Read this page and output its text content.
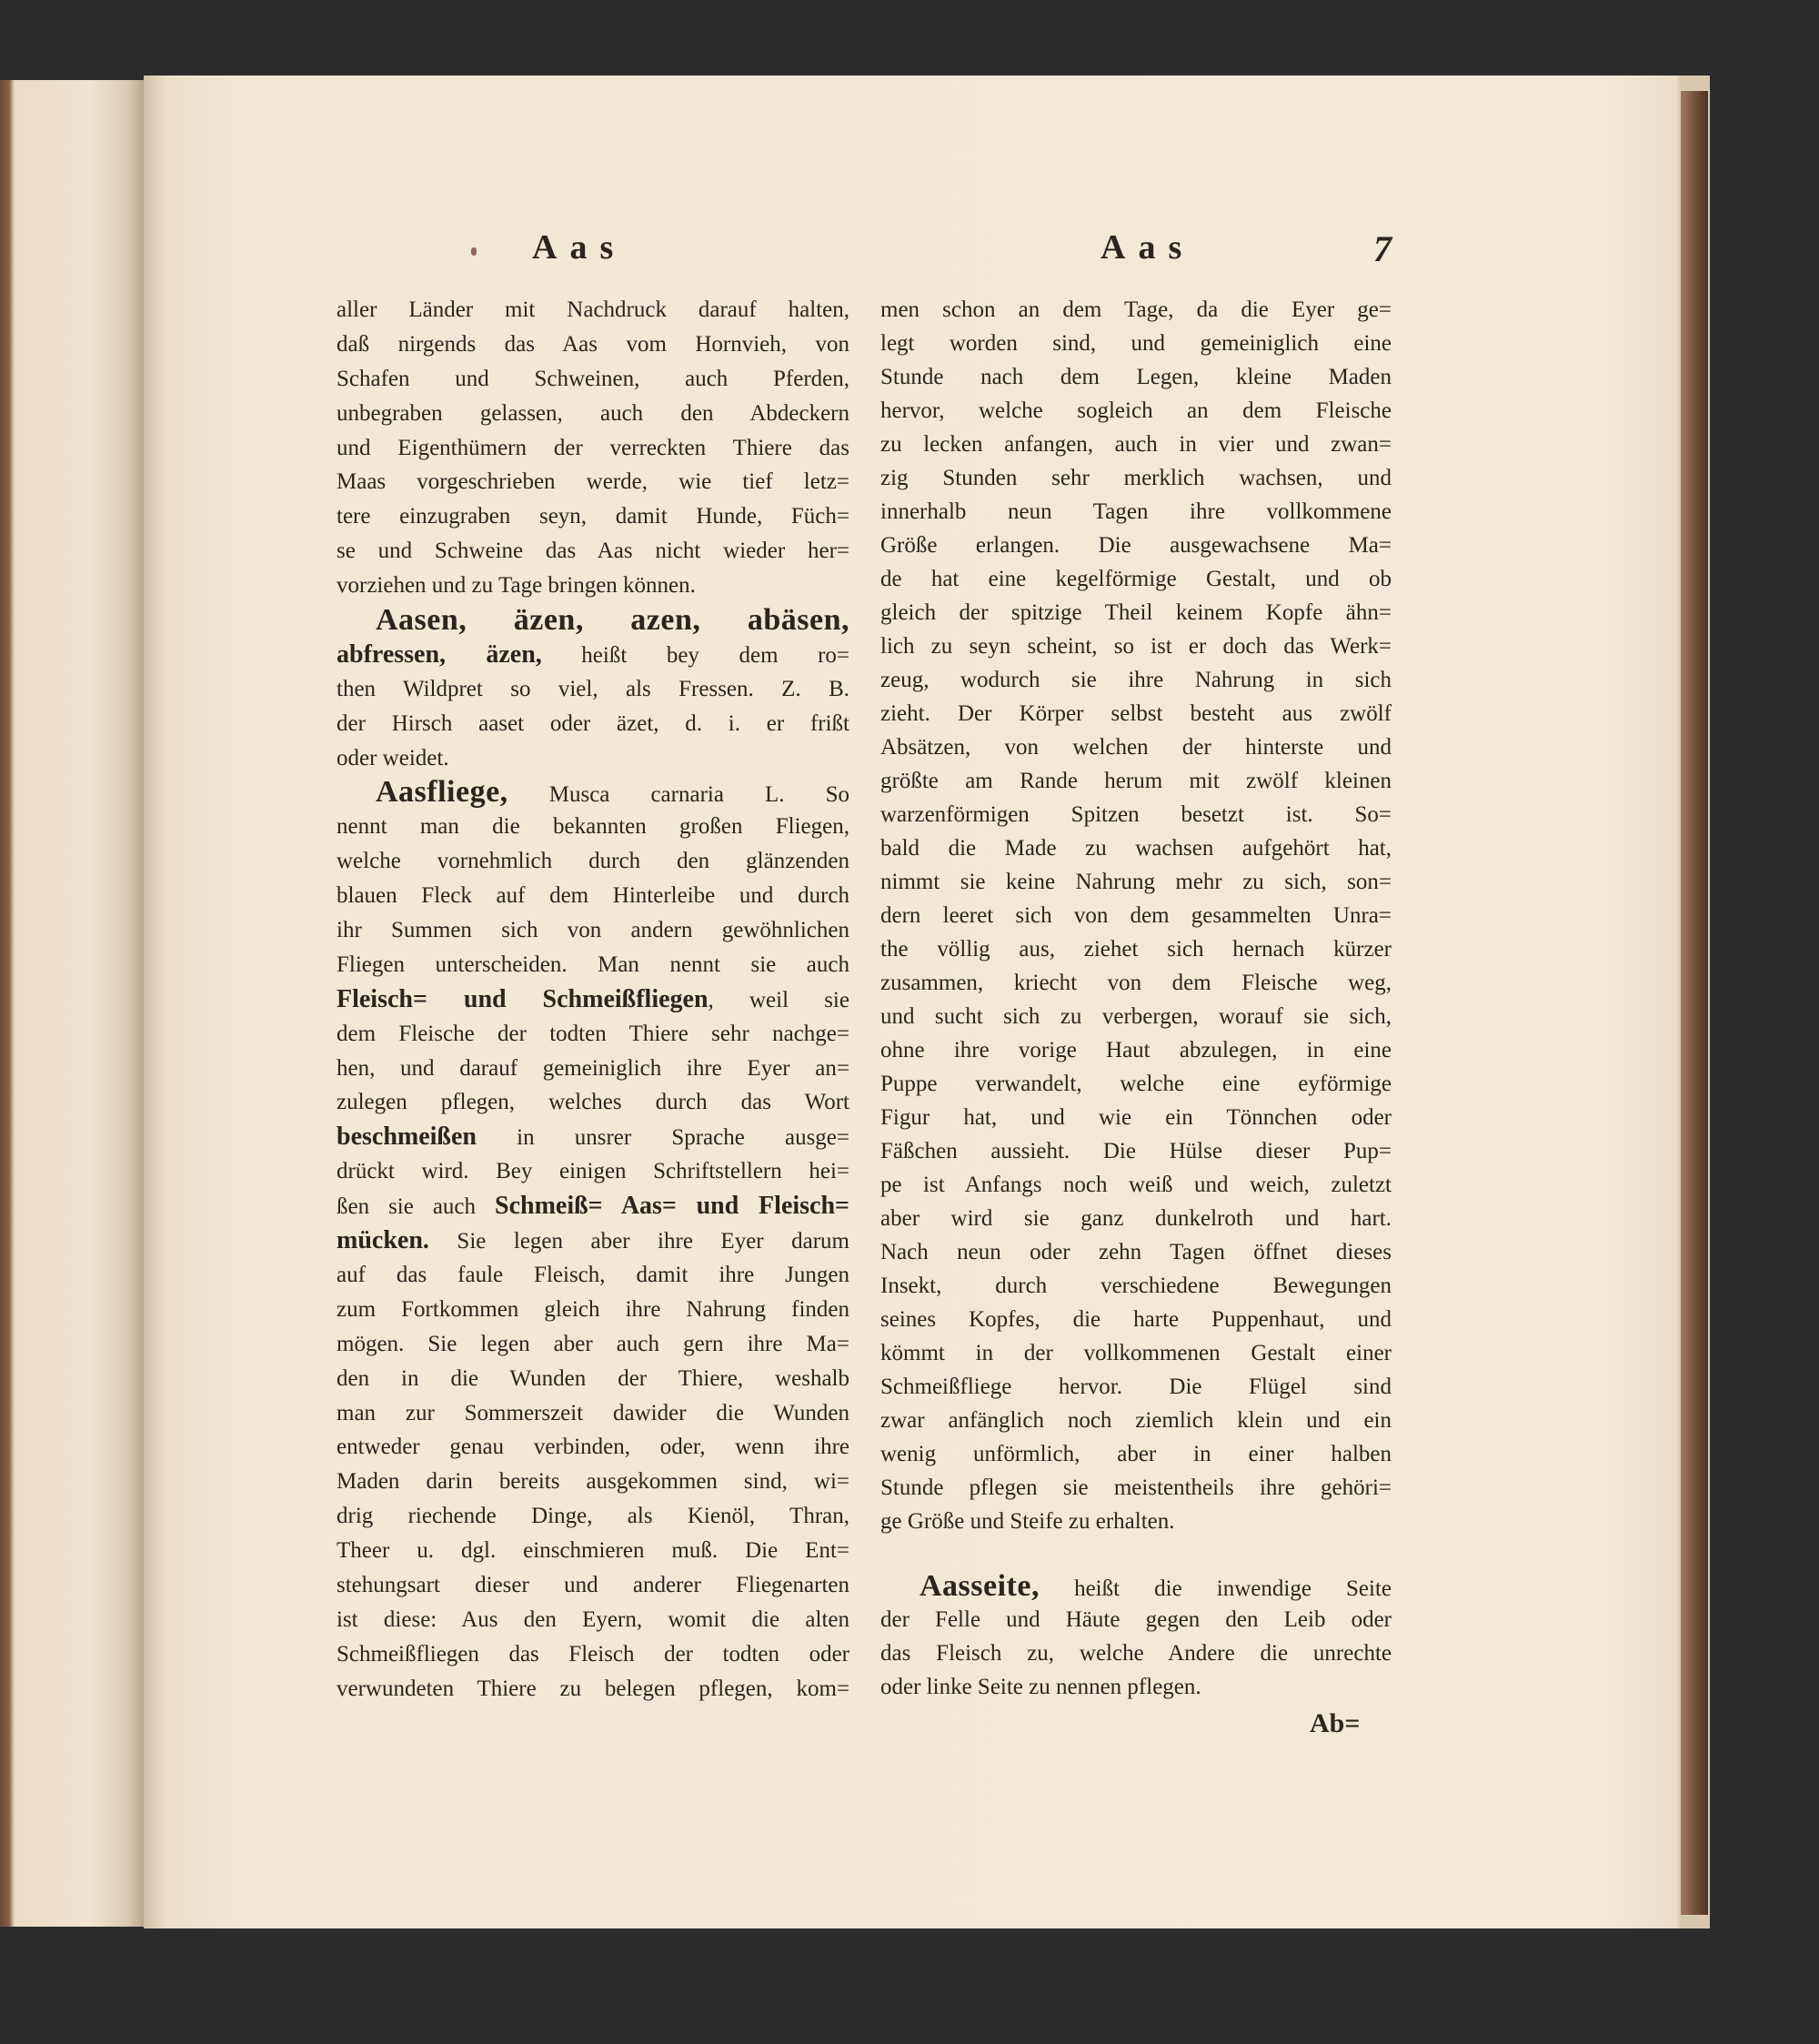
Aas	Aas	7
aller Länder mit Nachdruck darauf halten,
daß nirgends das Aas vom Hornvieh, von
Schafen und Schweinen, auch Pferden,
unbegraben gelassen, auch den Abdeckern
und Eigenthümern der verreckten Thiere das
Maas vorgeschrieben werde, wie tief letz=
tere einzugraben seyn, damit Hunde, Füch=
se und Schweine das Aas nicht wieder her=
vorziehen und zu Tage bringen können.
Aasen, äzen, azen, abäsen,
abfressen, äzen, heißt bey dem ro=
then Wildpret so viel, als Fressen. Z. B.
der Hirsch aaset oder äzet, d. i. er frißt
oder weidet.
Aasfliege, Musca carnaria L. So
nennt man die bekannten großen Fliegen,
welche vornehmlich durch den glänzenden
blauen Fleck auf dem Hinterleibe und durch
ihr Summen sich von andern gewöhnlichen
Fliegen unterscheiden. Man nennt sie auch
Fleisch= und Schmeißfliegen, weil sie
dem Fleische der todten Thiere sehr nachge=
hen, und darauf gemeiniglich ihre Eyer an=
zulegen pflegen, welches durch das Wort
beschmeißen in unsrer Sprache ausge=
drückt wird. Bey einigen Schriftstellern hei=
ßen sie auch Schmeiß= Aas= und Fleisch=
mücken. Sie legen aber ihre Eyer darum
auf das faule Fleisch, damit ihre Jungen
zum Fortkommen gleich ihre Nahrung finden
mögen. Sie legen aber auch gern ihre Ma=
den in die Wunden der Thiere, weshalb
man zur Sommerszeit dawider die Wunden
entweder genau verbinden, oder, wenn ihre
Maden darin bereits ausgekommen sind, wi=
drig riechende Dinge, als Kienöl, Thran,
Theer u. dgl. einschmieren muß. Die Ent=
stehungsart dieser und anderer Fliegenarten
ist diese: Aus den Eyern, womit die alten
Schmeißfliegen das Fleisch der todten oder
verwundeten Thiere zu belegen pflegen, kom=
men schon an dem Tage, da die Eyer ge=
legt worden sind, und gemeiniglich eine
Stunde nach dem Legen, kleine Maden
hervor, welche sogleich an dem Fleische
zu lecken anfangen, auch in vier und zwan=
zig Stunden sehr merklich wachsen, und
innerhalb neun Tagen ihre vollkommene
Größe erlangen. Die ausgewachsene Ma=
de hat eine kegelförmige Gestalt, und ob
gleich der spitzige Theil keinem Kopfe ähn=
lich zu seyn scheint, so ist er doch das Werk=
zeug, wodurch sie ihre Nahrung in sich
zieht. Der Körper selbst besteht aus zwölf
Absätzen, von welchen der hinterste und
größte am Rande herum mit zwölf kleinen
warzenförmigen Spitzen besetzt ist. So=
bald die Made zu wachsen aufgehört hat,
nimmt sie keine Nahrung mehr zu sich, son=
dern leeret sich von dem gesammelten Unra=
the völlig aus, ziehet sich hernach kürzer
zusammen, kriecht von dem Fleische weg,
und sucht sich zu verbergen, worauf sie sich,
ohne ihre vorige Haut abzulegen, in eine
Puppe verwandelt, welche eine eyförmige
Figur hat, und wie ein Tönnchen oder
Fäßchen aussieht. Die Hülse dieser Pup=
pe ist Anfangs noch weiß und weich, zuletzt
aber wird sie ganz dunkelroth und hart.
Nach neun oder zehn Tagen öffnet dieses
Insekt, durch verschiedene Bewegungen
seines Kopfes, die harte Puppenhaut, und
kömmt in der vollkommenen Gestalt einer
Schmeißfliege hervor. Die Flügel sind
zwar anfänglich noch ziemlich klein und ein
wenig unförmlich, aber in einer halben
Stunde pflegen sie meistentheils ihre gehöri=
ge Größe und Steife zu erhalten.
Aasseite, heißt die inwendige Seite
der Felle und Häute gegen den Leib oder
das Fleisch zu, welche Andere die unrechte
oder linke Seite zu nennen pflegen.
Ab=
